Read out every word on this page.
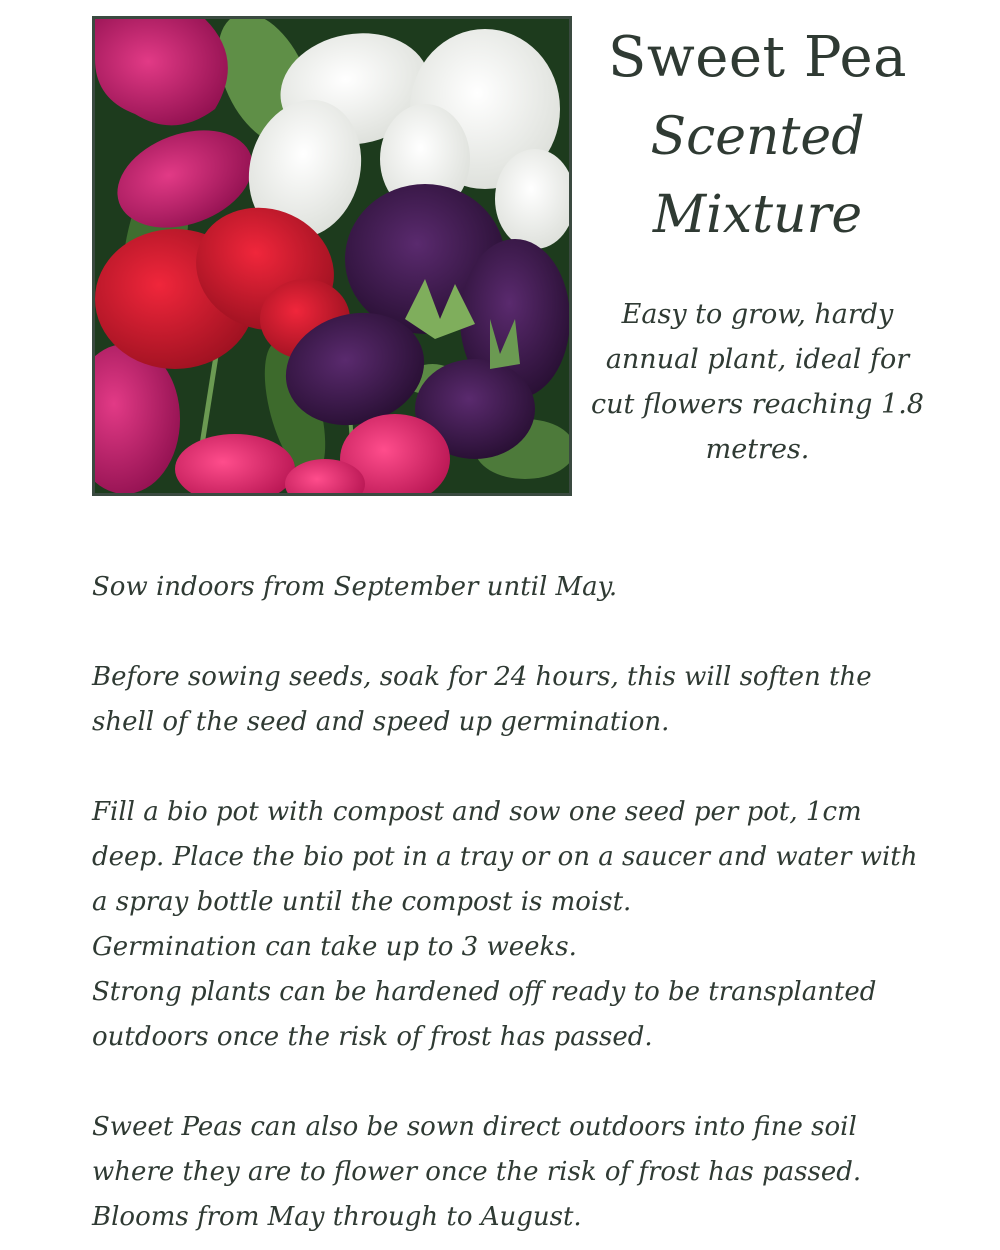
Sweet Pea
Scented
Mixture
Easy to grow, hardy annual plant, ideal for cut flowers reaching 1.8 metres.

Sow indoors from September until May.

Before sowing seeds, soak for 24 hours, this will soften the shell of the seed and speed up germination.

Fill a bio pot with compost and sow one seed per pot, 1cm deep. Place the bio pot in a tray or on a saucer and water with a spray bottle until the compost is moist.
Germination can take up to 3 weeks.
Strong plants can be hardened off ready to be transplanted outdoors once the risk of frost has passed.

Sweet Peas can also be sown direct outdoors into fine soil where they are to flower once the risk of frost has passed.
Blooms from May through to August.
